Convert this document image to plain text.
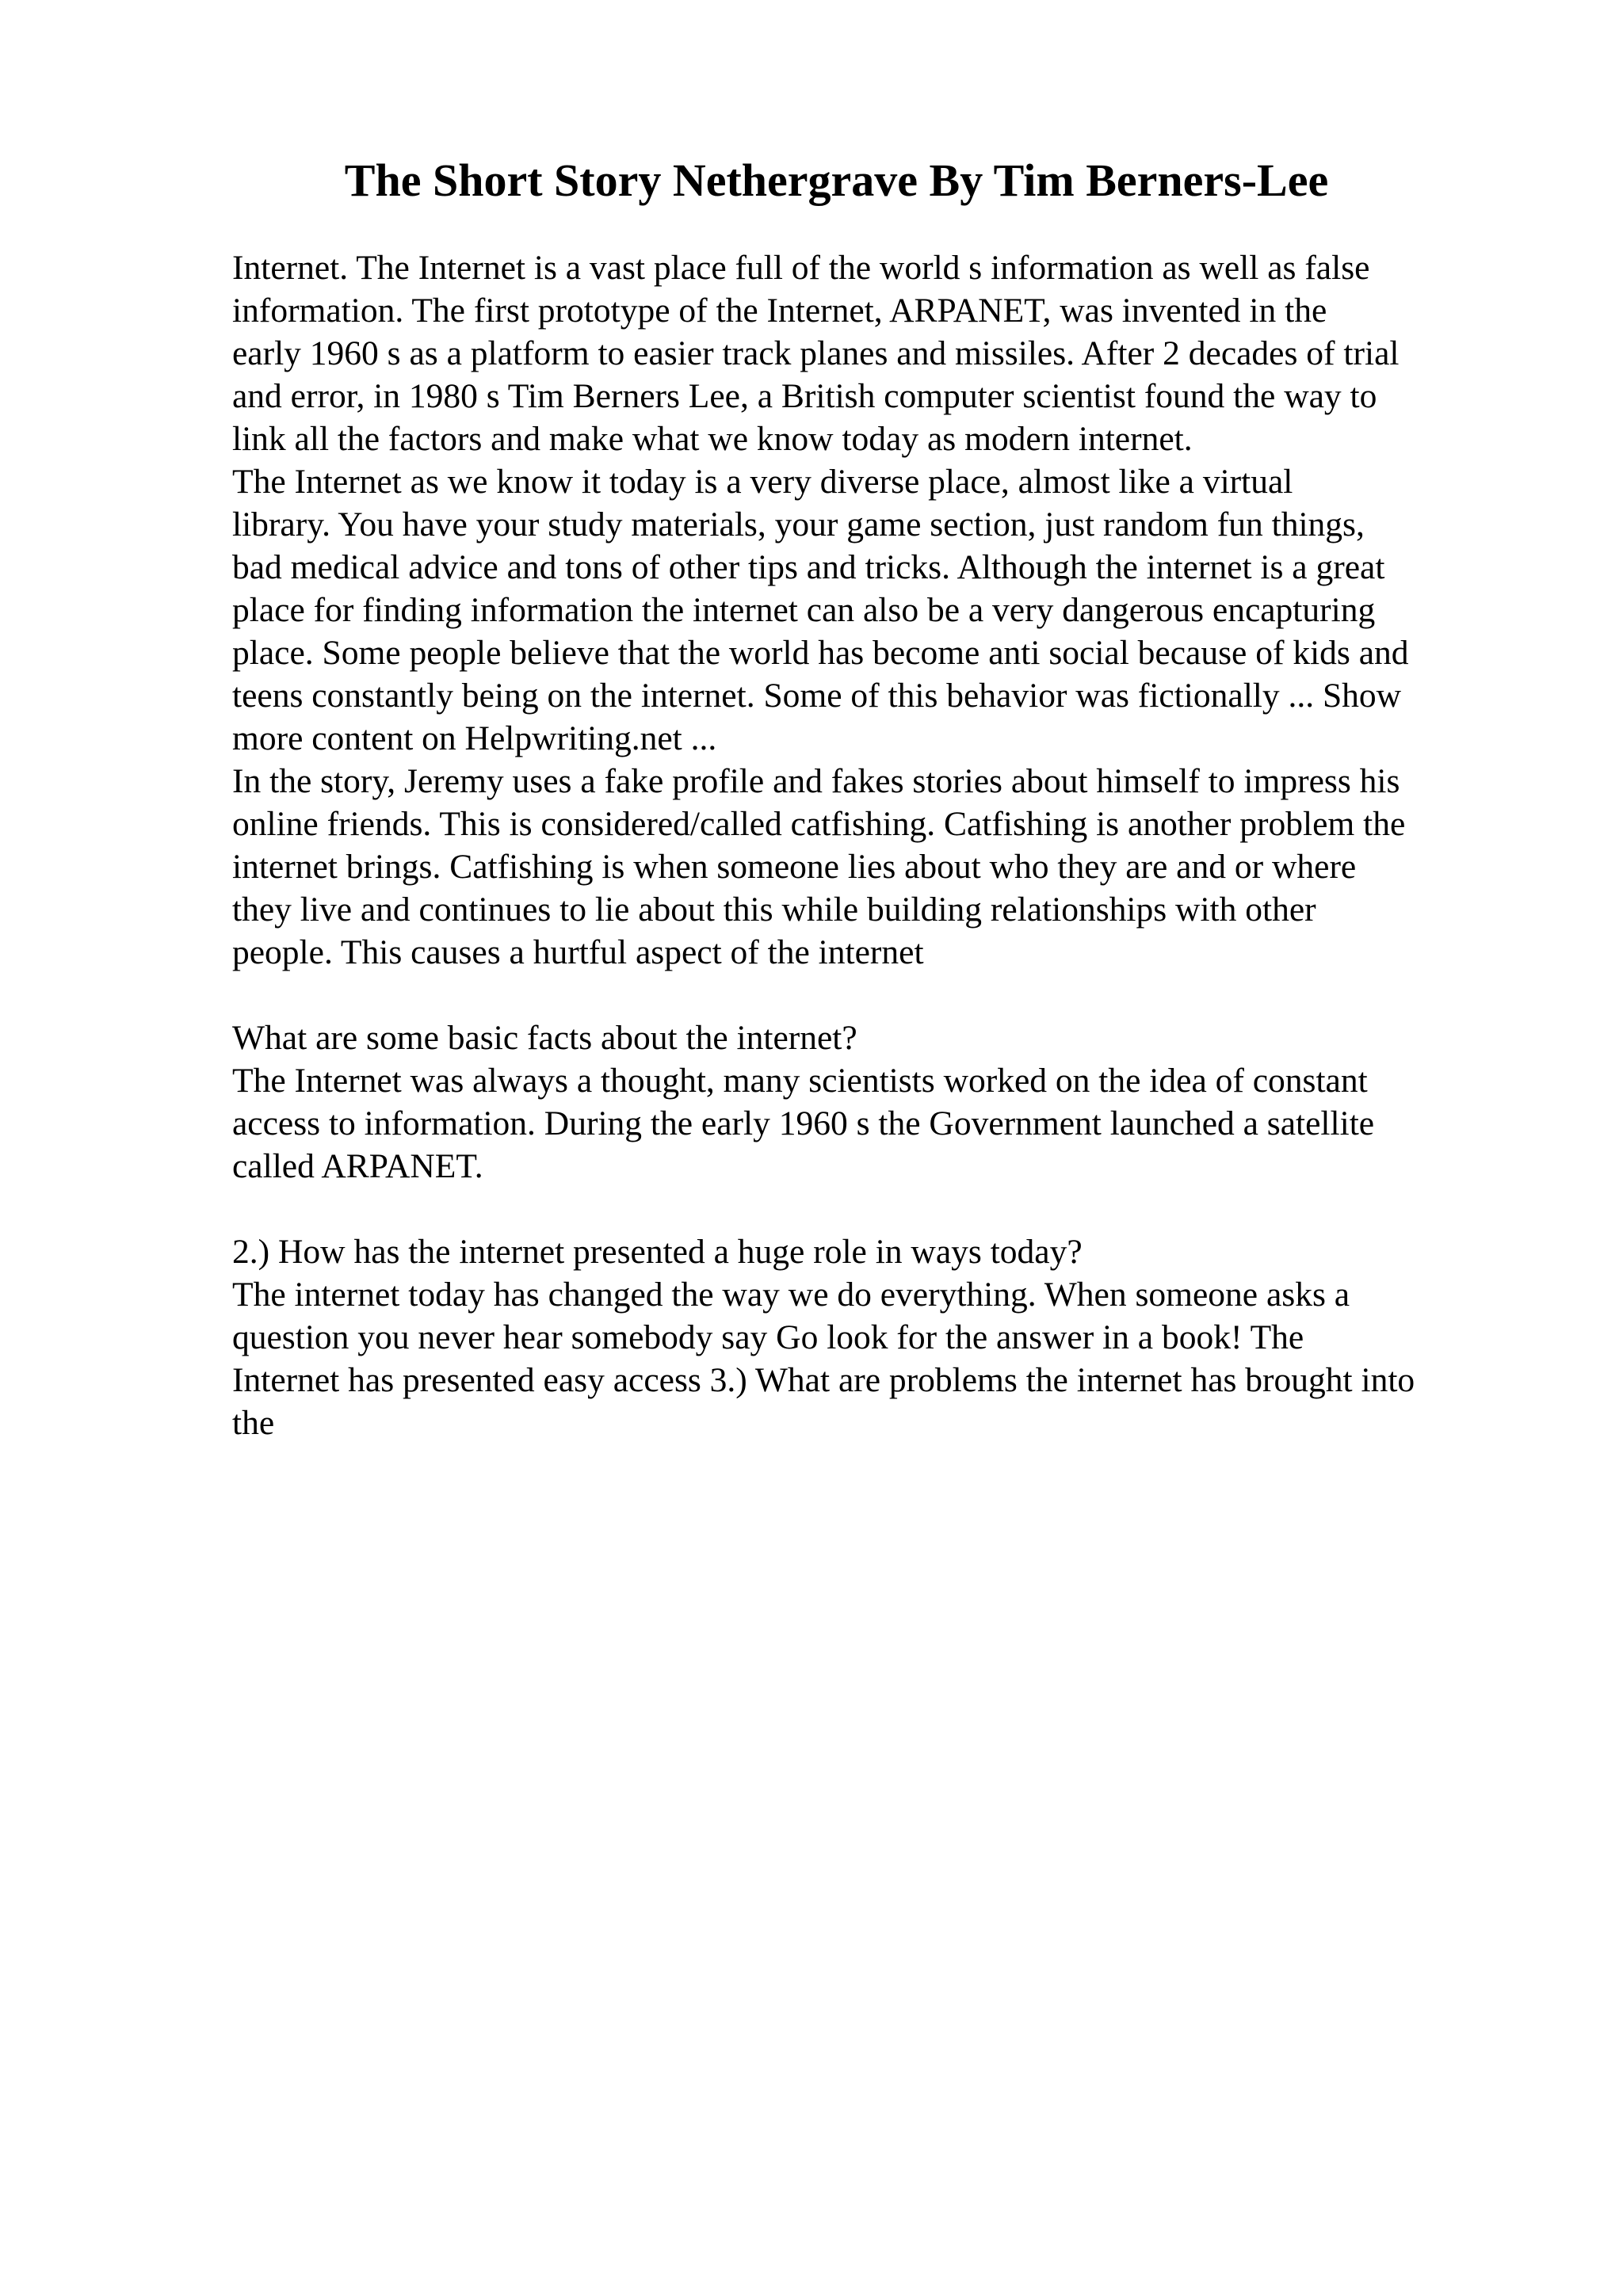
The Short Story Nethergrave By Tim Berners-Lee
Internet. The Internet is a vast place full of the world s information as well as false
information. The first prototype of the Internet, ARPANET, was invented in the
early 1960 s as a platform to easier track planes and missiles. After 2 decades of trial
and error, in 1980 s Tim Berners Lee, a British computer scientist found the way to
link all the factors and make what we know today as modern internet.
The Internet as we know it today is a very diverse place, almost like a virtual
library. You have your study materials, your game section, just random fun things,
bad medical advice and tons of other tips and tricks. Although the internet is a great
place for finding information the internet can also be a very dangerous encapturing
place. Some people believe that the world has become anti social because of kids and
teens constantly being on the internet. Some of this behavior was fictionally ... Show
more content on Helpwriting.net ...
In the story, Jeremy uses a fake profile and fakes stories about himself to impress his
online friends. This is considered/called catfishing. Catfishing is another problem the
internet brings. Catfishing is when someone lies about who they are and or where
they live and continues to lie about this while building relationships with other
people. This causes a hurtful aspect of the internet
What are some basic facts about the internet?
The Internet was always a thought, many scientists worked on the idea of constant
access to information. During the early 1960 s the Government launched a satellite
called ARPANET.
2.) How has the internet presented a huge role in ways today?
The internet today has changed the way we do everything. When someone asks a
question you never hear somebody say Go look for the answer in a book! The
Internet has presented easy access 3.) What are problems the internet has brought into
the
